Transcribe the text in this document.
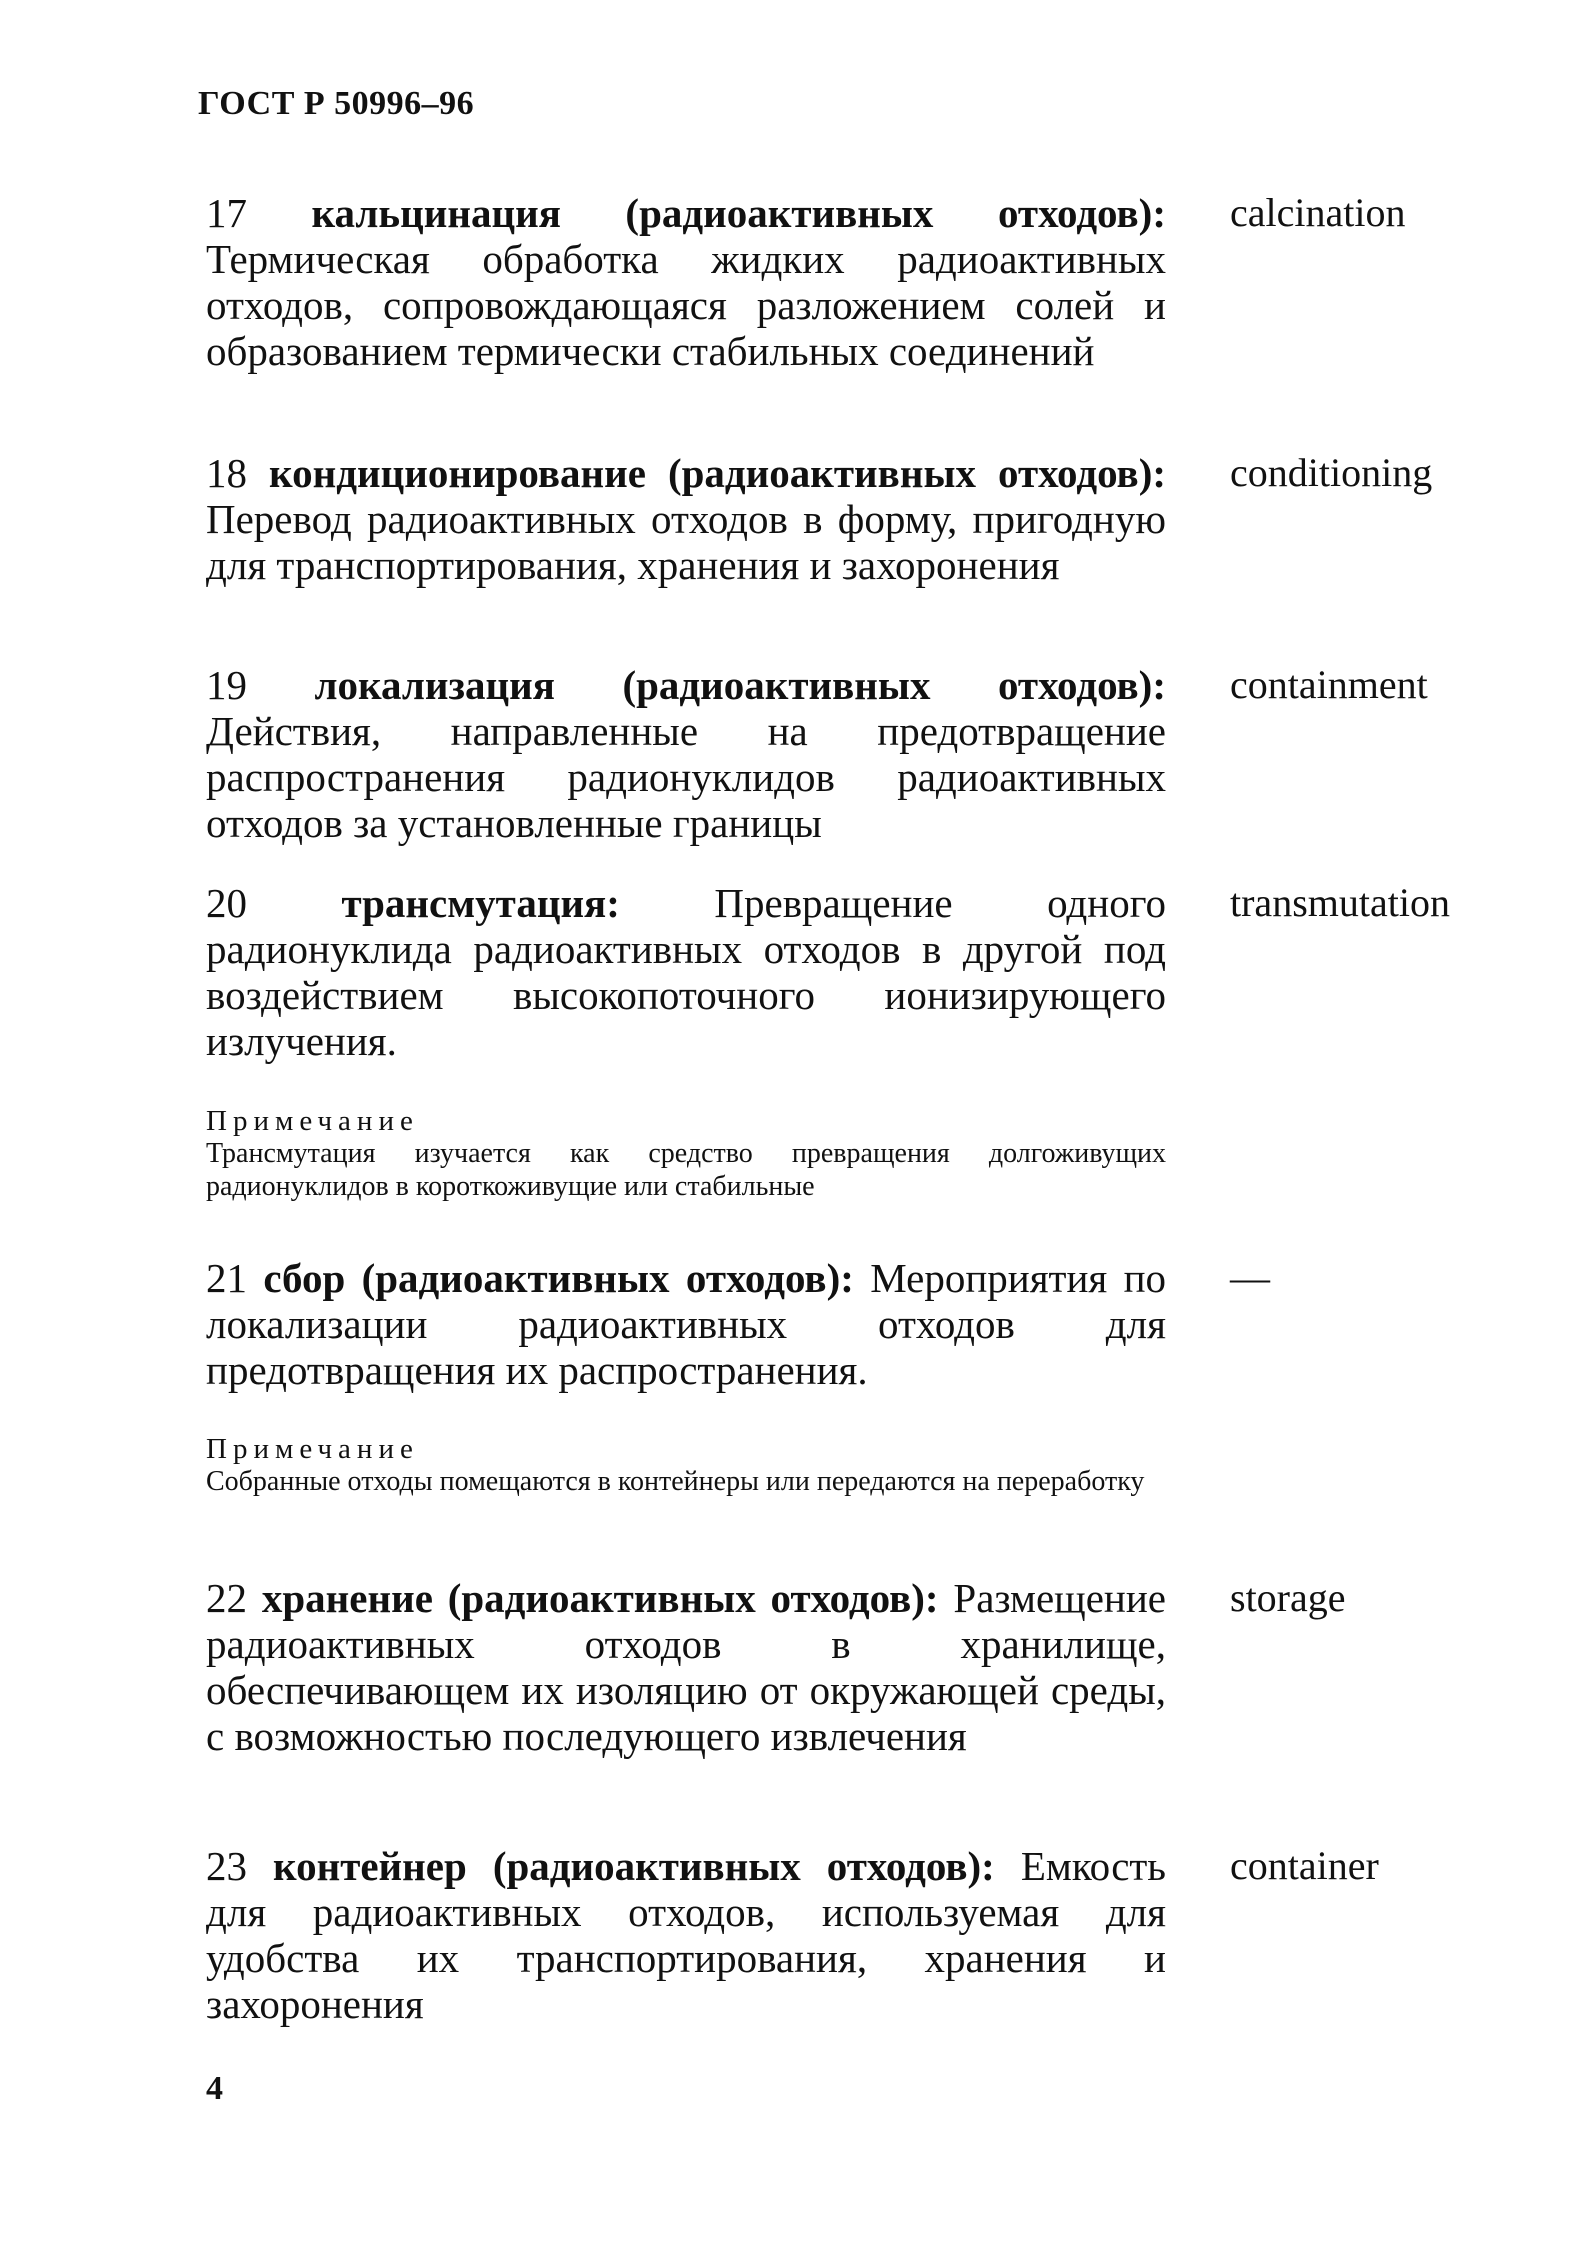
ГОСТ Р 50996–96
17 кальцинация (радиоактивных отходов): Термическая обработка жидких радиоактивных отходов, сопровождающаяся разложением солей и образованием термически стабильных соединений
calcination
18 кондиционирование (радиоактивных отходов): Перевод радиоактивных отходов в форму, пригодную для транспортирования, хранения и захоронения
conditioning
19 локализация (радиоактивных отходов): Действия, направленные на предотвращение распространения радионуклидов радиоактивных отходов за установленные границы
containment
20 трансмутация: Превращение одного радионуклида радиоактивных отходов в другой под воздействием высокопоточного ионизирующего излучения.
transmutation
Примечание
Трансмутация изучается как средство превращения долгоживущих радионуклидов в короткоживущие или стабильные
21 сбор (радиоактивных отходов): Мероприятия по локализации радиоактивных отходов для предотвращения их распространения.
—
Примечание
Собранные отходы помещаются в контейнеры или передаются на переработку
22 хранение (радиоактивных отходов): Размещение радиоактивных отходов в хранилище, обеспечивающем их изоляцию от окружающей среды, с возможностью последующего извлечения
storage
23 контейнер (радиоактивных отходов): Емкость для радиоактивных отходов, используемая для удобства их транспортирования, хранения и захоронения
container
4
